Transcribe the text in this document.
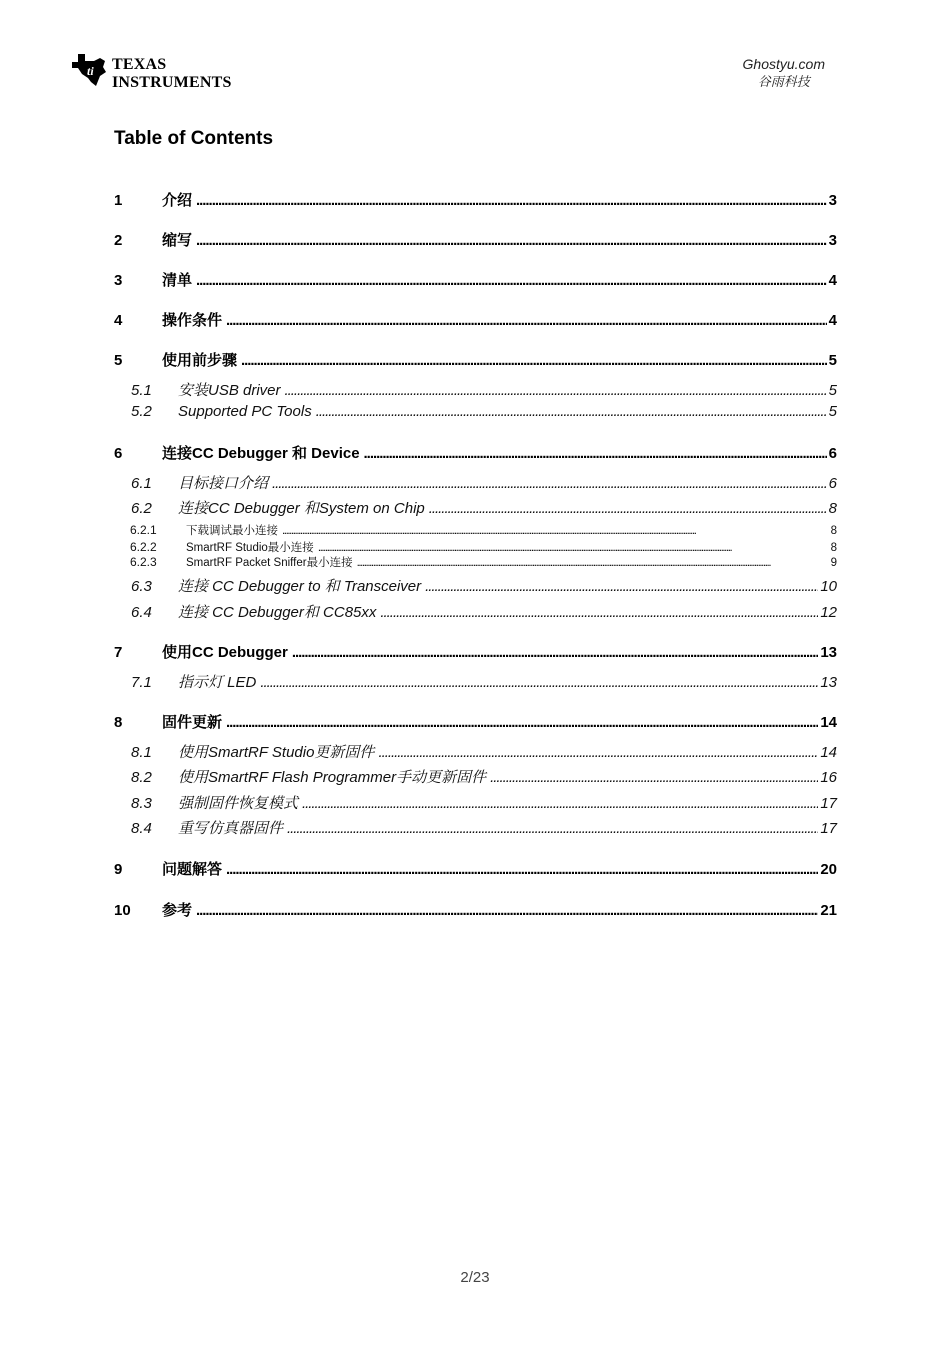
ti TEXAS
INSTRUMENTS
Ghostyu.com
谷雨科技
Table of Contents
1	介绍 . . .	3
2	缩写 . . .	3
3	清单 . . .	4
4	操作条件 . . .	4
5	使用前步骤 . . .	5
5.1	安装USB driver . . .	5
5.2	Supported PC Tools . . .	5
6	连接CC Debugger 和 Device . . .	6
6.1	目标接口介绍 . . .	6
6.2	连接CC Debugger 和System on Chip . . .	8
6.2.1	下载调试最小连接 . . .	8
6.2.2	SmartRF Studio最小连接 . . .	8
6.2.3	SmartRF Packet Sniffer最小连接 . . .	9
6.3	连接 CC Debugger to 和 Transceiver . . .	10
6.4	连接 CC Debugger和 CC85xx . . .	12
7	使用CC Debugger . . .	13
7.1	指示灯 LED . . .	13
8	固件更新 . . .	14
8.1	使用SmartRF Studio更新固件 . . .	14
8.2	使用SmartRF Flash Programmer手动更新固件 . . .	16
8.3	强制固件恢复模式 . . .	17
8.4	重写仿真器固件 . . .	17
9	问题解答 . . .	20
10	参考 . . .	21
2/23
